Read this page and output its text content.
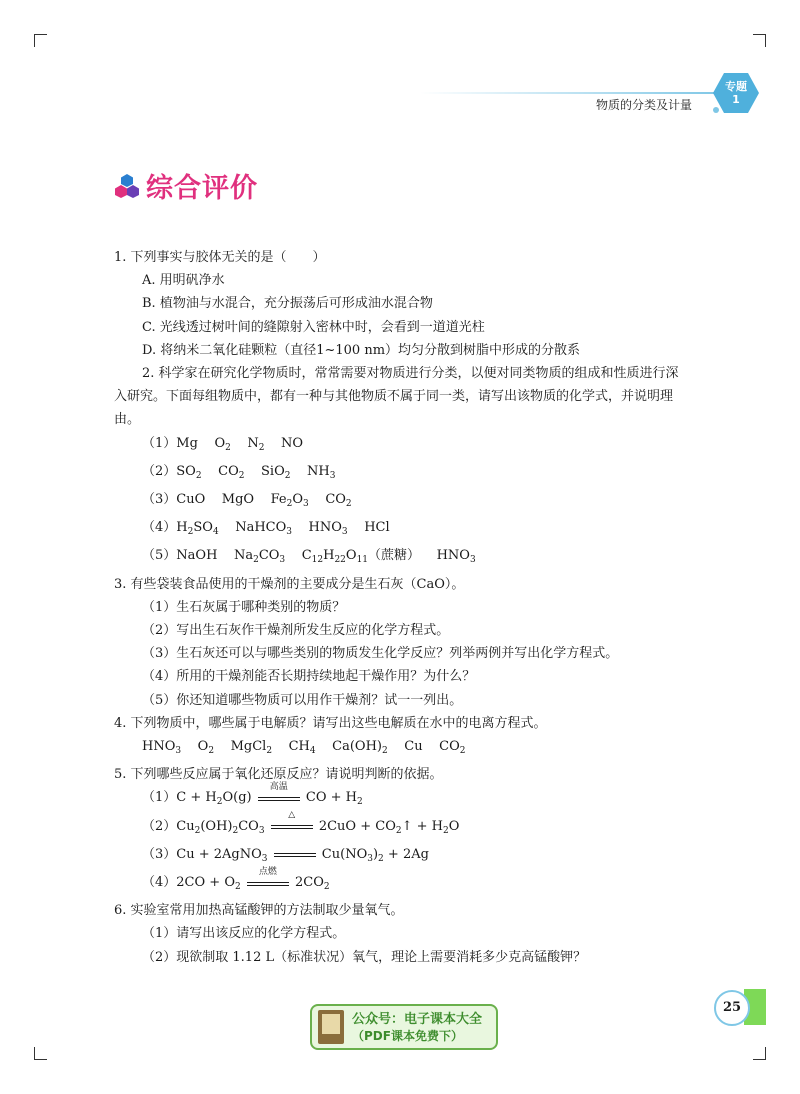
物质的分类及计量
专题
1
综合评价

1. 下列事实与胶体无关的是（　　）

A. 用明矾净水

B. 植物油与水混合，充分振荡后可形成油水混合物

C. 光线透过树叶间的缝隙射入密林中时，会看到一道道光柱

D. 将纳米二氧化硅颗粒（直径1~100 nm）均匀分散到树脂中形成的分散系

2. 科学家在研究化学物质时，常常需要对物质进行分类，以便对同类物质的组成和性质进行深入研究。下面每组物质中，都有一种与其他物质不属于同一类，请写出该物质的化学式，并说明理由。

（1）Mg $O_2$ $N_2$ NO

$(2)SO_2$ $CO_2$ SiO$_2$ $NH_3$

（3）CuO MgO $Fe_2O_3$ $CO_2$

$(4)H_2SO_4$ NaHCO$_3$ $HNO_3$ HCl

（5）NaOH $Na_2CO_3$ $C_{12}H_{22}O_{11}$（蔗糖） $HNO_3$

3. 有些袋装食品使用的干燥剂的主要成分是生石灰（CaO）。

（1）生石灰属于哪种类别的物质？

（2）写出生石灰作干燥剂所发生反应的化学方程式。

（3）生石灰还可以与哪些类别的物质发生化学反应？列举两例并写出化学方程式。

（4）所用的干燥剂能否长期持续地起干燥作用？为什么？

（5）你还知道哪些物质可以用作干燥剂？试一一列出。

4. 下列物质中，哪些属于电解质？请写出这些电解质在水中的电离方程式。

$HNO_3$ $O_2$ MgCl$_2$ $CH_4$ $Ca(OH)_2$ Cu $CO_2$

5. 下列哪些反应属于氧化还原反应？请说明判断的依据。

$(1)C + H_2O(g)$
高温
CO + $H_2$

$(2)Cu_2(OH)_2CO_3$
△
$2CuO + CO_2↑ + H_2O$

（3）Cu + 2AgNO$_3$	$Cu(NO_3)_2 + 2Ag$

$(4)2CO + O_2$
点燃
$2CO_2$

6. 实验室常用加热高锰酸钾的方法制取少量氧气。

（1）请写出该反应的化学方程式。

（2）现欲制取 1.12 L（标准状况）氧气，理论上需要消耗多少克高锰酸钾？

25
公众号：电子课本大全
（PDF课本免费下）
